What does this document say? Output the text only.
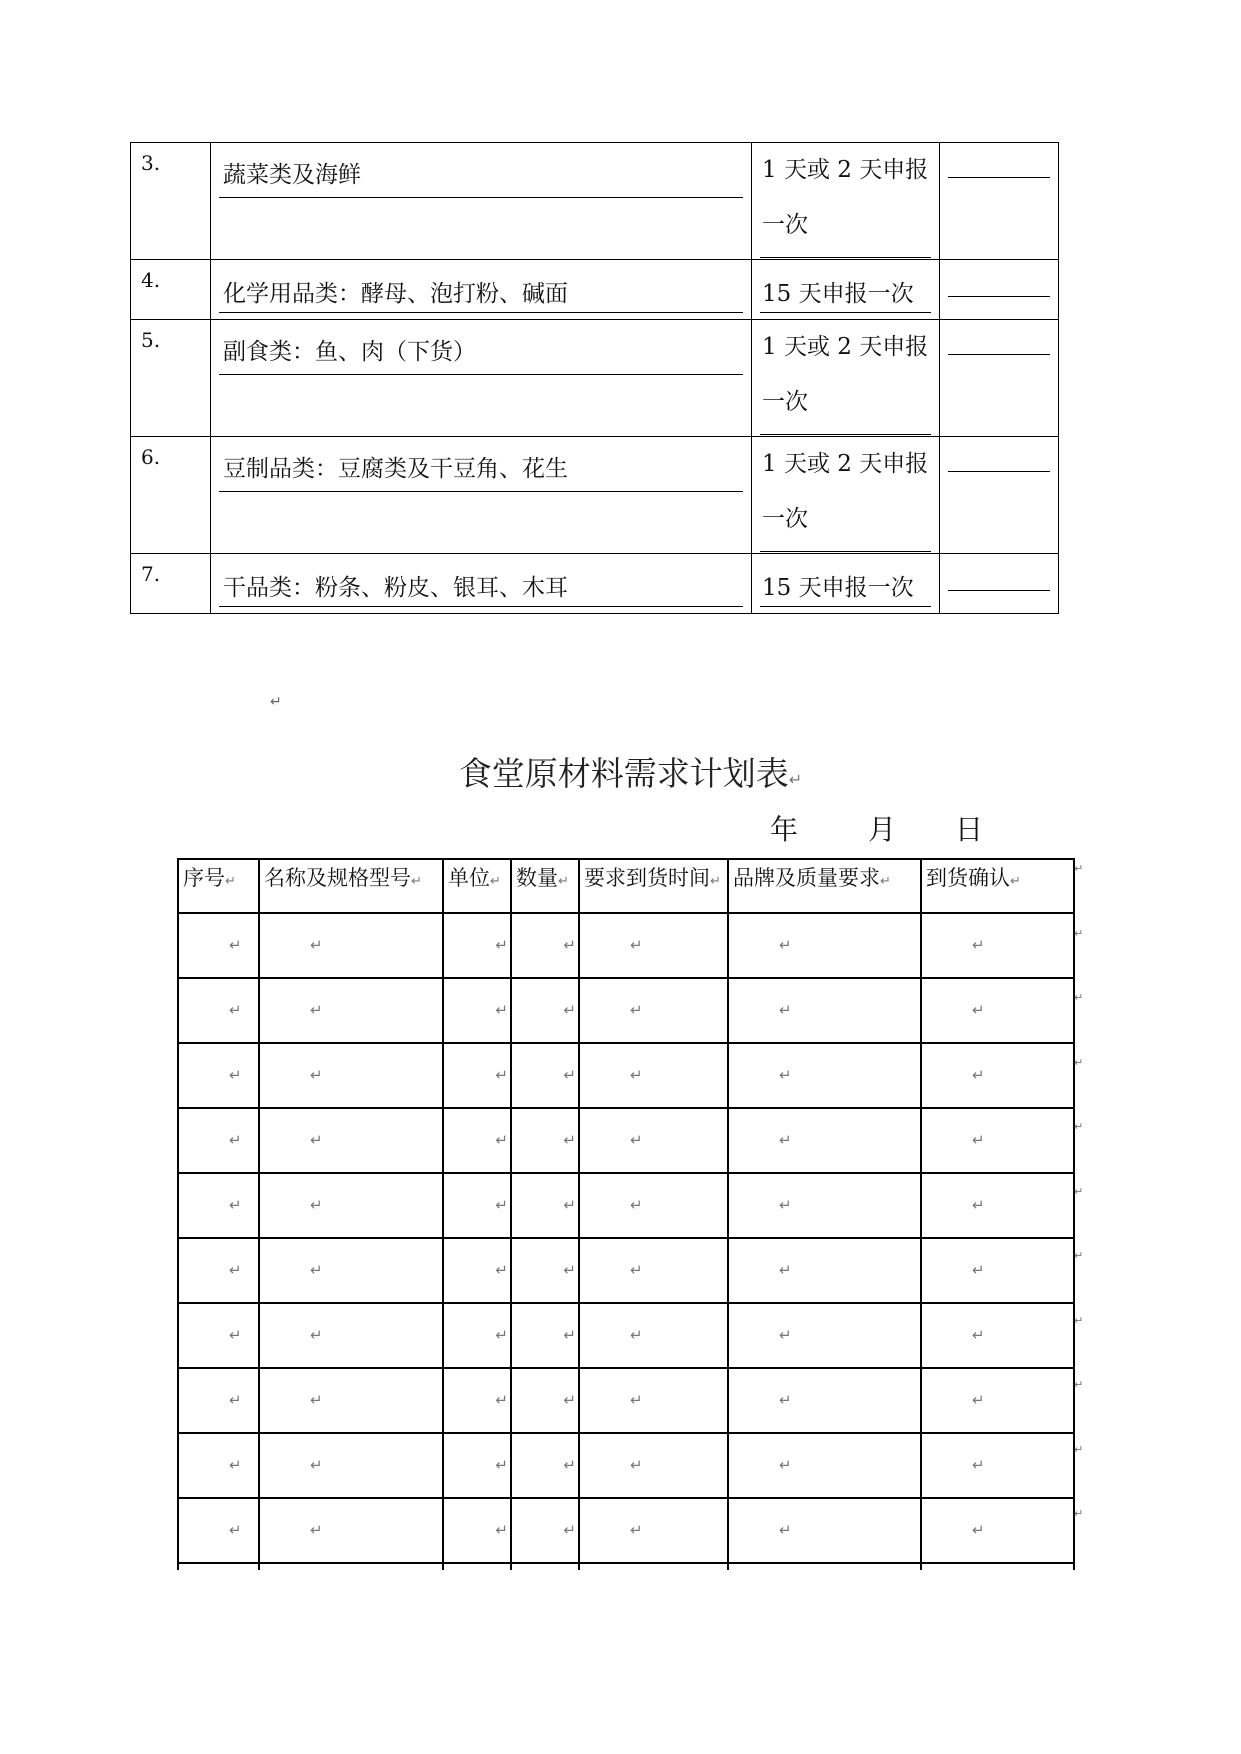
3.	蔬菜类及海鲜	1 天或 2 天申报一次	

4.	化学用品类：酵母、泡打粉、碱面	15 天申报一次	

5.	副食类：鱼、肉（下货）	1 天或 2 天申报一次	

6.	豆制品类：豆腐类及干豆角、花生	1 天或 2 天申报一次	

7.	干品类：粉条、粉皮、银耳、木耳	15 天申报一次	

↵
食堂原材料需求计划表↵
年 月 日
序号↵	名称及规格型号↵	单位↵	数量↵	要求到货时间↵	品牌及质量要求↵	到货确认↵

↵	↵	↵	↵	↵	↵	↵

↵	↵	↵	↵	↵	↵	↵

↵	↵	↵	↵	↵	↵	↵

↵	↵	↵	↵	↵	↵	↵

↵	↵	↵	↵	↵	↵	↵

↵	↵	↵	↵	↵	↵	↵

↵	↵	↵	↵	↵	↵	↵

↵	↵	↵	↵	↵	↵	↵

↵	↵	↵	↵	↵	↵	↵

↵	↵	↵	↵	↵	↵	↵

↵
↵
↵
↵
↵
↵
↵
↵
↵
↵
↵
